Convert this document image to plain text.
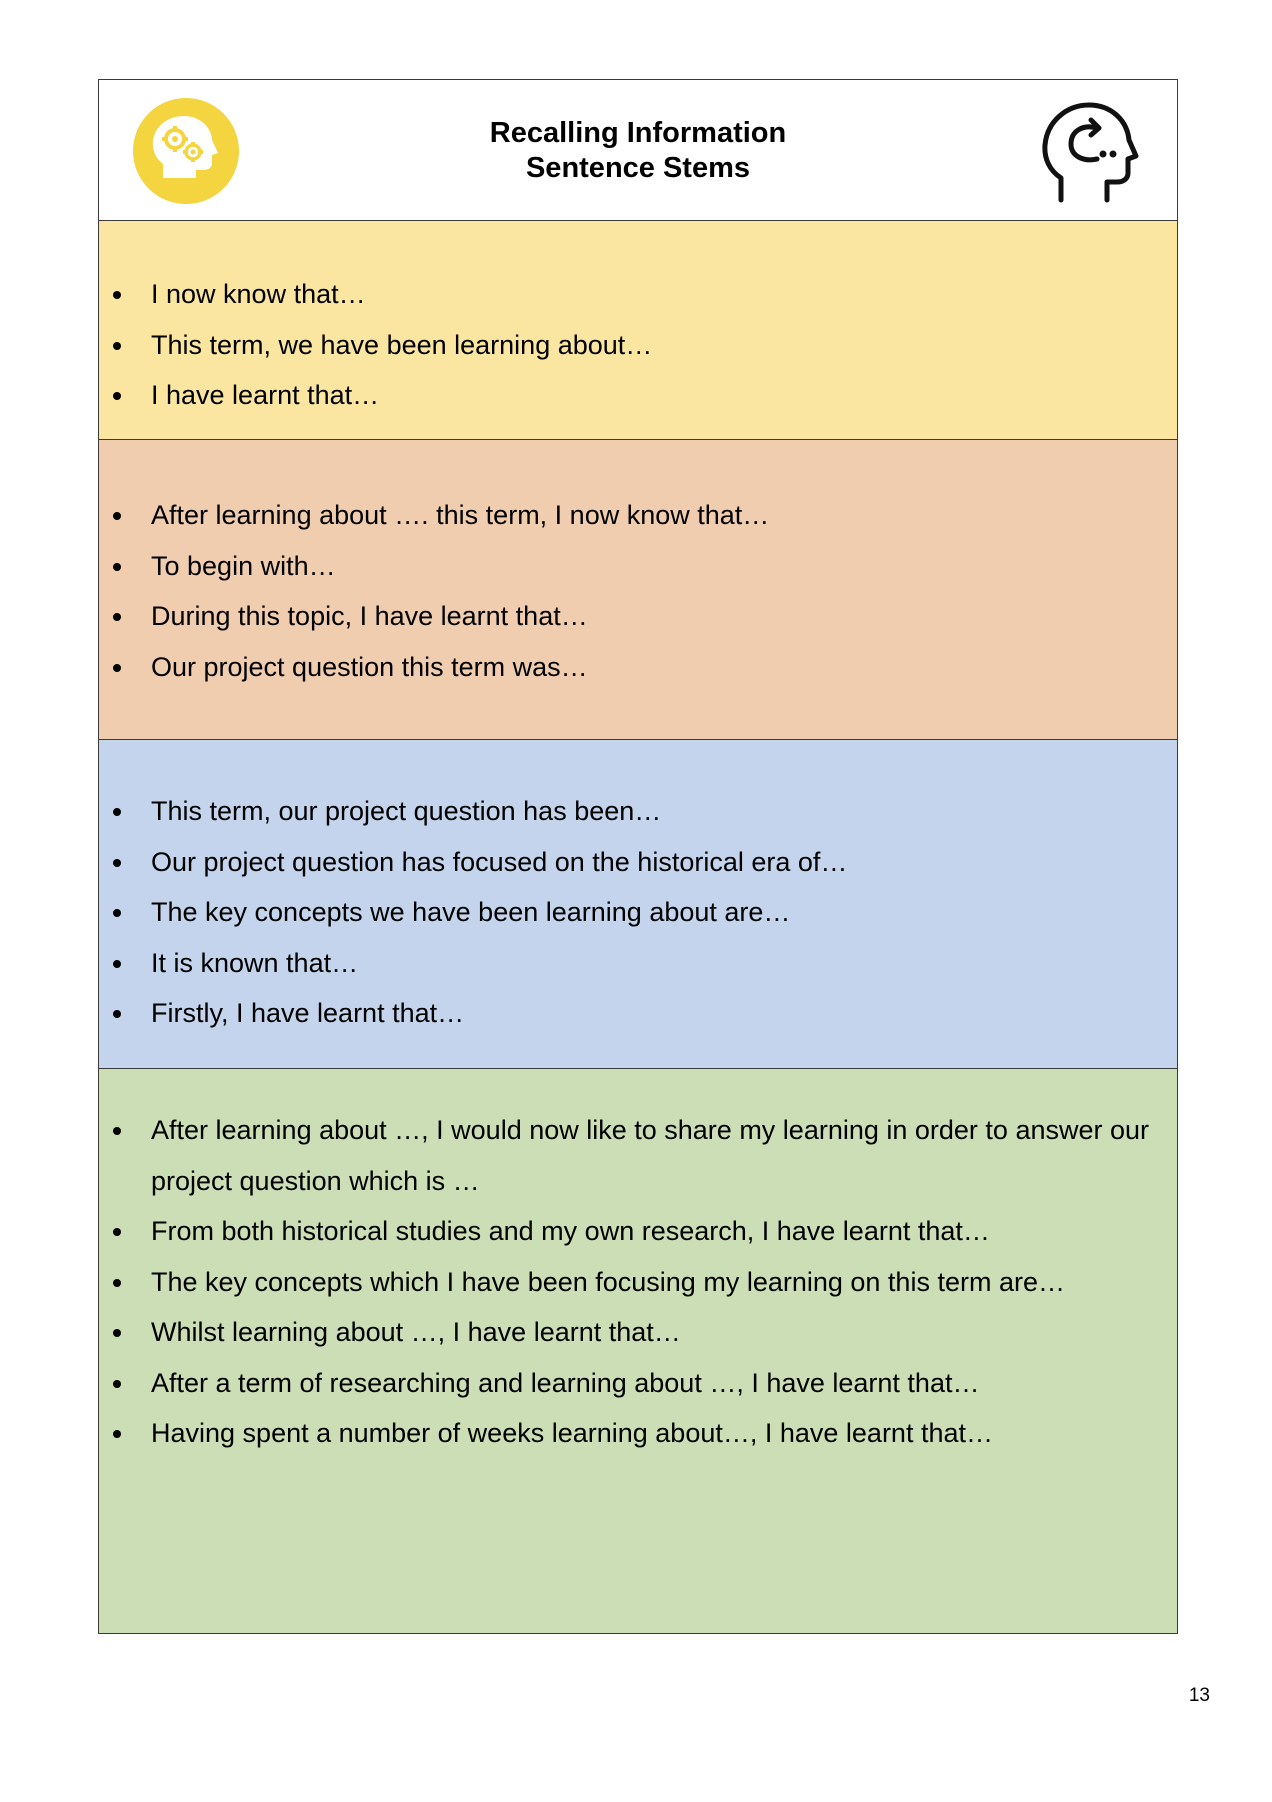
Recalling Information
Sentence Stems
I now know that…
This term, we have been learning about…
I have learnt that…
After learning about …. this term, I now know that…
To begin with…
During this topic, I have learnt that…
Our project question this term was…
This term, our project question has been…
Our project question has focused on the historical era of…
The key concepts we have been learning about are…
It is known that…
Firstly, I have learnt that…
After learning about …, I would now like to share my learning in order to answer our project question which is …
From both historical studies and my own research, I have learnt that…
The key concepts which I have been focusing my learning on this term are…
Whilst learning about …, I have learnt that…
After a term of researching and learning about …, I have learnt that…
Having spent a number of weeks learning about…, I have learnt that…
13
